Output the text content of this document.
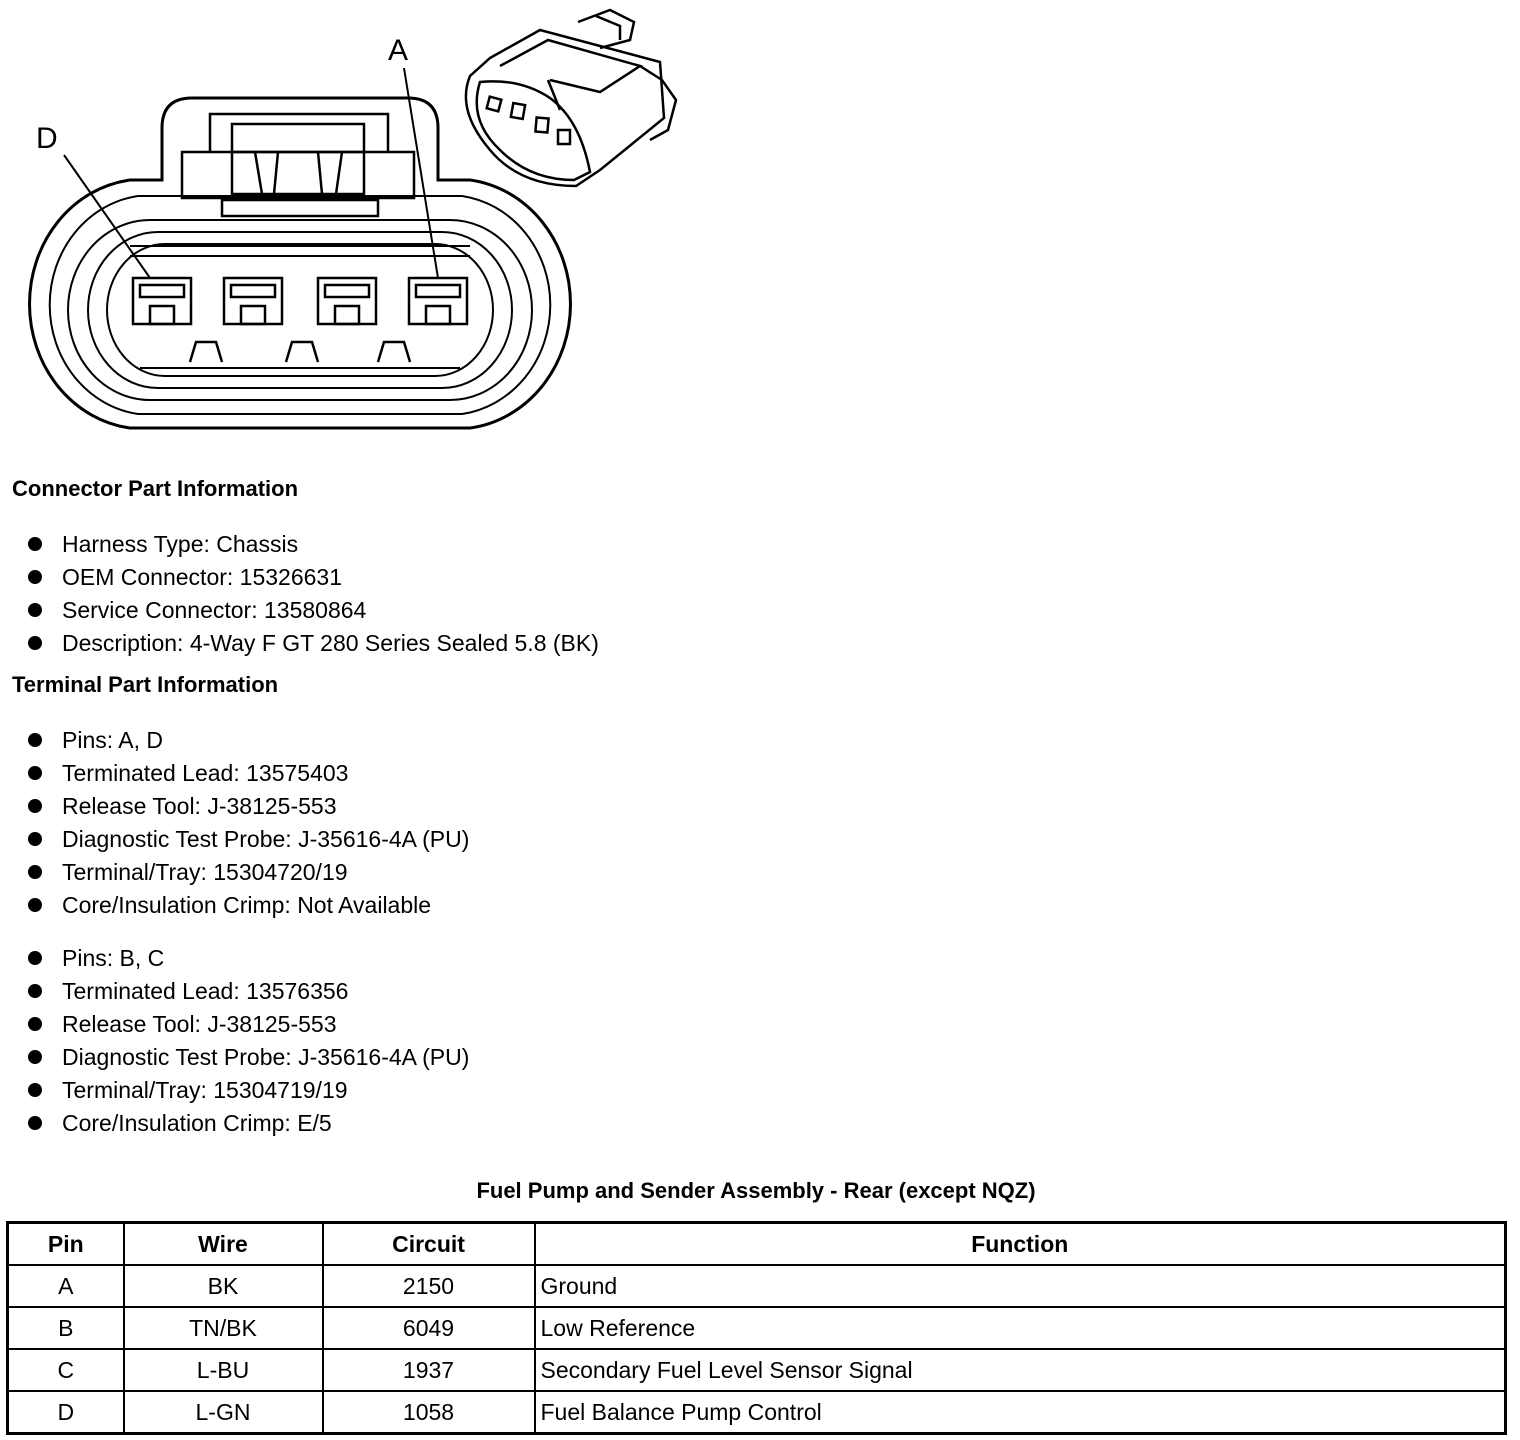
D
A
Connector Part Information
Harness Type: Chassis
OEM Connector: 15326631
Service Connector: 13580864
Description: 4-Way F GT 280 Series Sealed 5.8 (BK)
Terminal Part Information
Pins: A, D
Terminated Lead: 13575403
Release Tool: J-38125-553
Diagnostic Test Probe: J-35616-4A (PU)
Terminal/Tray: 15304720/19
Core/Insulation Crimp: Not Available
Pins: B, C
Terminated Lead: 13576356
Release Tool: J-38125-553
Diagnostic Test Probe: J-35616-4A (PU)
Terminal/Tray: 15304719/19
Core/Insulation Crimp: E/5
Fuel Pump and Sender Assembly - Rear (except NQZ)
Pin	Wire	Circuit	Function
A	BK	2150	Ground
B	TN/BK	6049	Low Reference
C	L-BU	1937	Secondary Fuel Level Sensor Signal
D	L-GN	1058	Fuel Balance Pump Control
